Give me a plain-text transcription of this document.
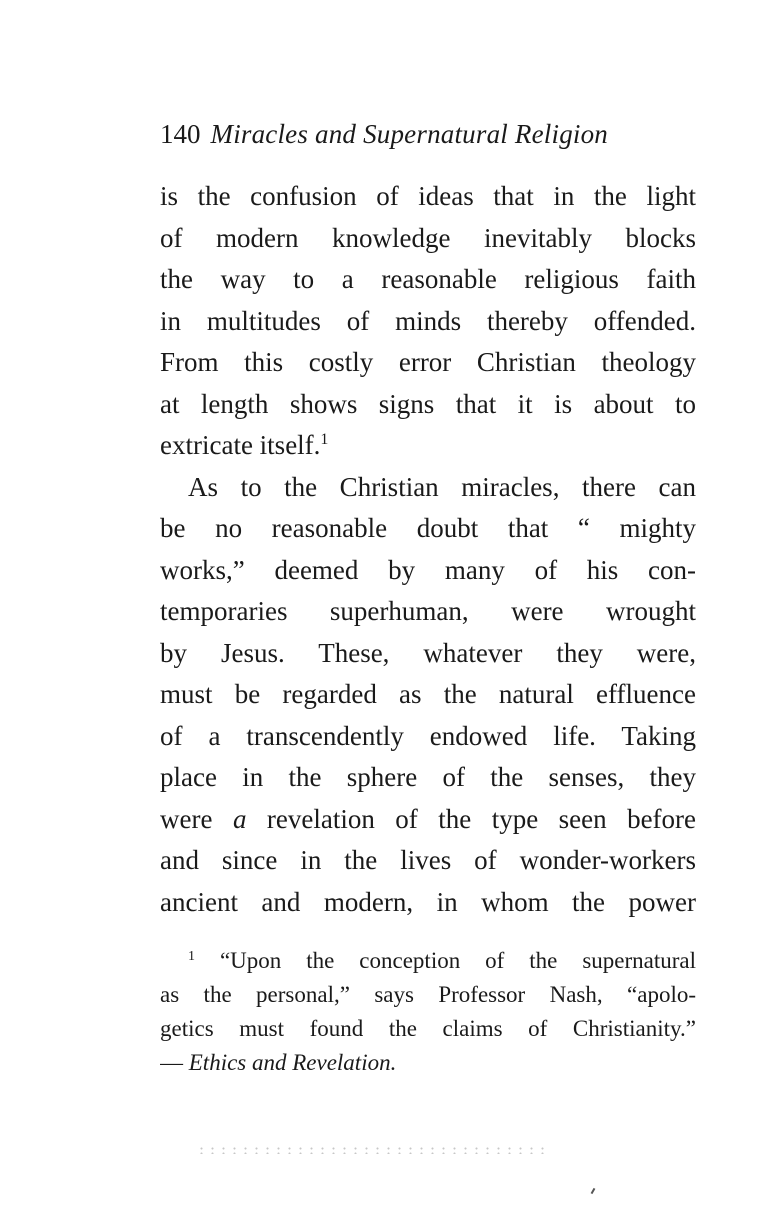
140 Miracles and Supernatural Religion
is the confusion of ideas that in the light
of modern knowledge inevitably blocks
the way to a reasonable religious faith
in multitudes of minds thereby offended.
From this costly error Christian theology
at length shows signs that it is about to
extricate itself.$^1$
As to the Christian miracles, there can
be no reasonable doubt that “ mighty
works,” deemed by many of his con-
temporaries superhuman, were wrought
by Jesus. These, whatever they were,
must be regarded as the natural effluence
of a transcendently endowed life. Taking
place in the sphere of the senses, they
were a revelation of the type seen before
and since in the lives of wonder-workers
ancient and modern, in whom the power
$^1$ “Upon the conception of the supernatural
as the personal,” says Professor Nash, “apolo-
getics must found the claims of Christianity.”
— Ethics and Revelation.
